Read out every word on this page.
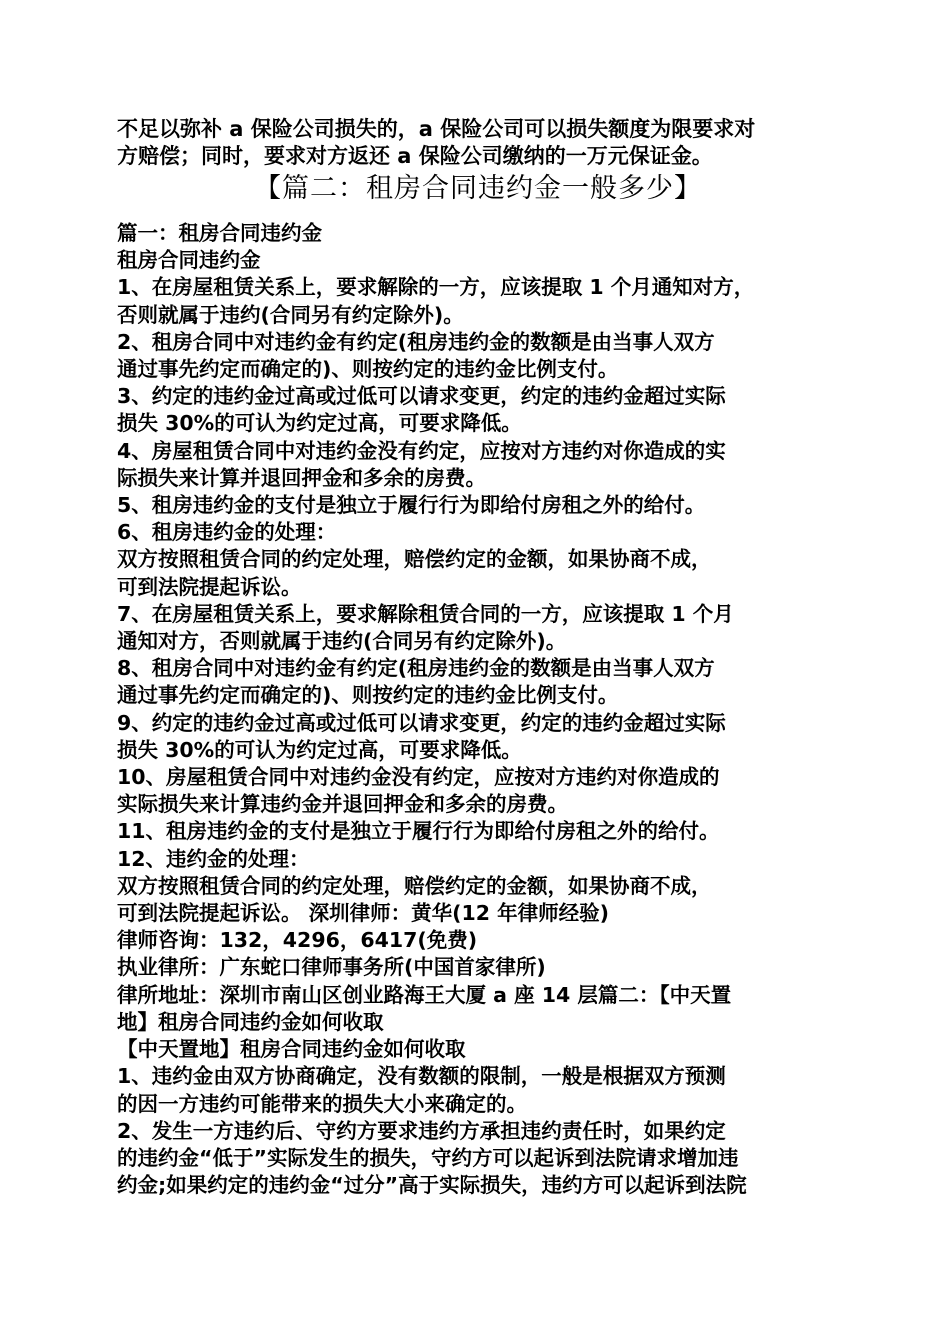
不足以弥补 a 保险公司损失的，a 保险公司可以损失额度为限要求对

方赔偿；同时，要求对方返还 a 保险公司缴纳的一万元保证金。

【篇二：租房合同违约金一般多少】

篇一：租房合同违约金

租房合同违约金

1、在房屋租赁关系上，要求解除的一方，应该提取 1 个月通知对方，

否则就属于违约(合同另有约定除外)。

2、租房合同中对违约金有约定(租房违约金的数额是由当事人双方

通过事先约定而确定的)、则按约定的违约金比例支付。

3、约定的违约金过高或过低可以请求变更，约定的违约金超过实际

损失 30%的可认为约定过高，可要求降低。

4、房屋租赁合同中对违约金没有约定，应按对方违约对你造成的实

际损失来计算并退回押金和多余的房费。

5、租房违约金的支付是独立于履行行为即给付房租之外的给付。

6、租房违约金的处理：

双方按照租赁合同的约定处理，赔偿约定的金额，如果协商不成，

可到法院提起诉讼。

7、在房屋租赁关系上，要求解除租赁合同的一方，应该提取 1 个月

通知对方，否则就属于违约(合同另有约定除外)。

8、租房合同中对违约金有约定(租房违约金的数额是由当事人双方

通过事先约定而确定的)、则按约定的违约金比例支付。

9、约定的违约金过高或过低可以请求变更，约定的违约金超过实际

损失 30%的可认为约定过高，可要求降低。

10、房屋租赁合同中对违约金没有约定，应按对方违约对你造成的

实际损失来计算违约金并退回押金和多余的房费。

11、租房违约金的支付是独立于履行行为即给付房租之外的给付。

12、违约金的处理：

双方按照租赁合同的约定处理，赔偿约定的金额，如果协商不成，

可到法院提起诉讼。 深圳律师：黄华(12 年律师经验)

律师咨询：132，4296，6417(免费)

执业律所：广东蛇口律师事务所(中国首家律所)

律所地址：深圳市南山区创业路海王大厦 a 座 14 层篇二：【中天置

地】租房合同违约金如何收取

【中天置地】租房合同违约金如何收取

1、违约金由双方协商确定，没有数额的限制，一般是根据双方预测

的因一方违约可能带来的损失大小来确定的。

2、发生一方违约后、守约方要求违约方承担违约责任时，如果约定

的违约金“低于”实际发生的损失，守约方可以起诉到法院请求增加违

约金;如果约定的违约金“过分”高于实际损失，违约方可以起诉到法院
